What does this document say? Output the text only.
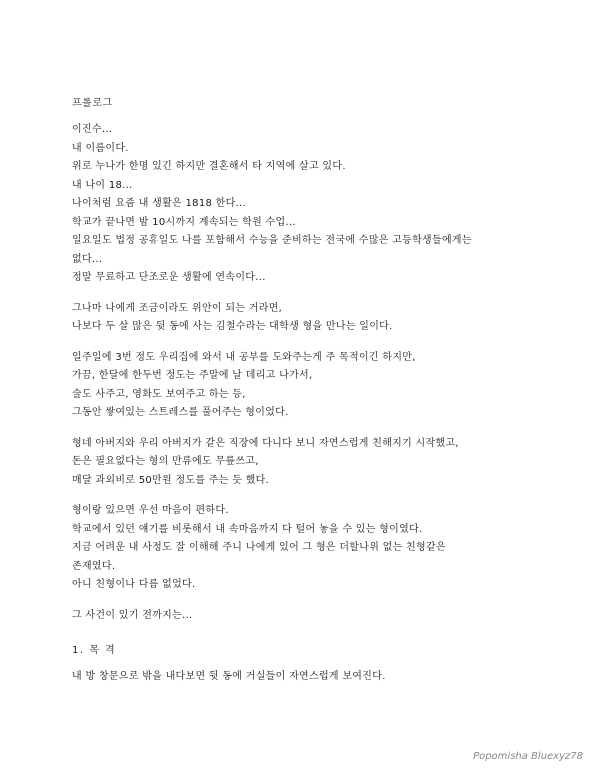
프롤로그
이진수...
내 이름이다.
위로 누나가 한명 있긴 하지만 결혼해서 타 지역에 살고 있다.
내 나이 18...
나이처럼 요즘 내 생활은 1818 한다...
학교가 끝나면 밤 10시까지 계속되는 학원 수업...
일요일도 법정 공휴일도 나를 포함해서 수능을 준비하는 전국에 수많은 고등학생들에게는
없다...
정말 무료하고 단조로운 생활에 연속이다...
그나마 나에게 조금이라도 위안이 되는 거라면,
나보다 두 살 많은 뒷 동에 사는 김철수라는 대학생 형을 만나는 일이다.
일주일에 3번 정도 우리집에 와서 내 공부를 도와주는게 주 목적이긴 하지만,
가끔, 한달에 한두번 정도는 주말에 날 데리고 나가서,
술도 사주고, 영화도 보여주고 하는 등,
그동안 쌓여있는 스트레스를 풀어주는 형이었다.
형네 아버지와 우리 아버지가 같은 직장에 다니다 보니 자연스럽게 친해지기 시작했고,
돈은 필요없다는 형의 만류에도 무릎쓰고,
매달 과외비로 50만원 정도를 주는 듯 했다.
형이랑 있으면 우선 마음이 편하다.
학교에서 있던 얘기를 비롯해서 내 속마음까지 다 털어 놓을 수 있는 형이였다.
지금 어려운 내 사정도 잘 이해해 주니 나에게 있어 그 형은 더할나위 없는 친형같은
존재였다.
아니 친형이나 다름 없었다.
그 사건이 있기 전까지는...
1. 목 격
내 방 창문으로 밖을 내다보면 뒷 동에 거실들이 자연스럽게 보여진다.
Popomisha Bluexyz78
